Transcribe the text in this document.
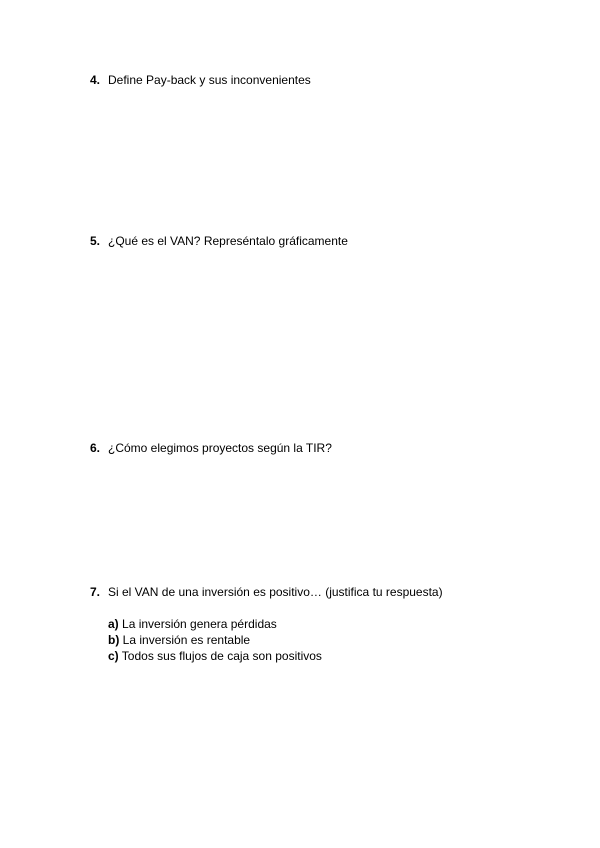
4. Define Pay-back y sus inconvenientes
5. ¿Qué es el VAN? Represéntalo gráficamente
6. ¿Cómo elegimos proyectos según la TIR?
7. Si el VAN de una inversión es positivo… (justifica tu respuesta)
a) La inversión genera pérdidas
b) La inversión es rentable
c) Todos sus flujos de caja son positivos
